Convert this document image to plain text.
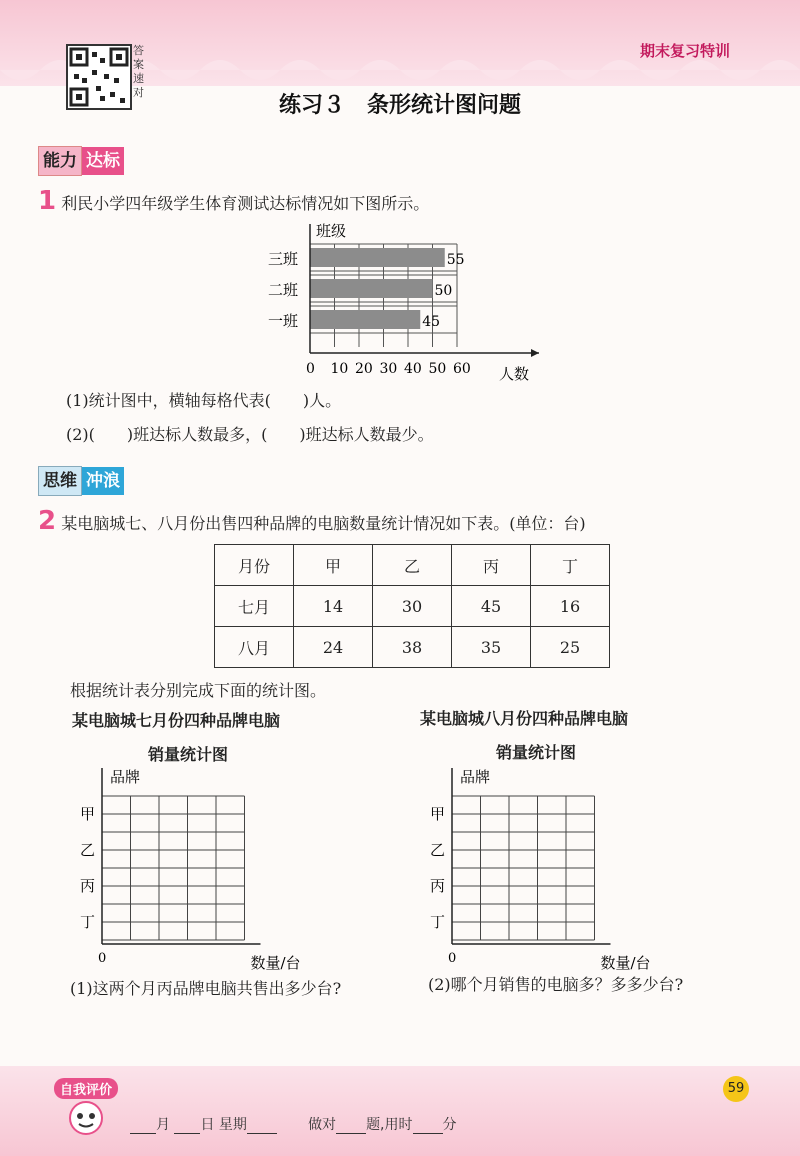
答案速对
期末复习特训
练习３　条形统计图问题
能力 达标
1 利民小学四年级学生体育测试达标情况如下图所示。
55
三班
50
二班
45
一班
班级
人数
0 10 20 30 40 50 60
(1)统计图中，横轴每格代表(　　)人。
(2)(　　)班达标人数最多，(　　)班达标人数最少。
思维 冲浪
2 某电脑城七、八月份出售四种品牌的电脑数量统计情况如下表。(单位：台)
月份	甲	乙	丙	丁
七月	14	30	45	16
八月	24	38	35	25
根据统计表分别完成下面的统计图。
某电脑城七月份四种品牌电脑
销量统计图
某电脑城八月份四种品牌电脑
销量统计图
品牌
数量/台
0
甲
乙
丙
丁
品牌
数量/台
0
甲
乙
丙
丁
(1)这两个月丙品牌电脑共售出多少台?	(2)哪个月销售的电脑多？多多少台?
自我评价
月 日 星期	做对 题,用时 分
59
